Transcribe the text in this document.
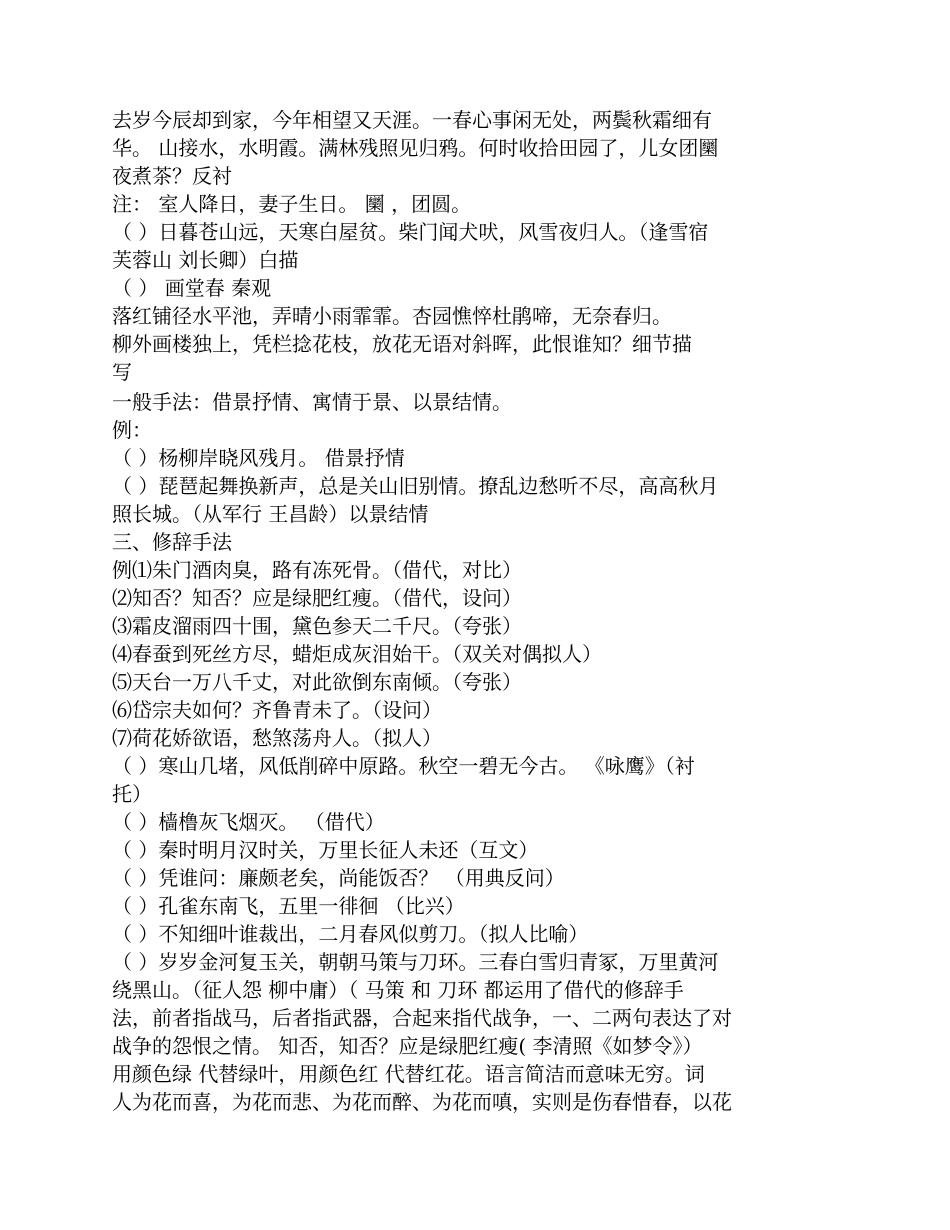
去岁今辰却到家，今年相望又天涯。一春心事闲无处，两鬓秋霜细有
华。 山接水，水明霞。满林残照见归鸦。何时收拾田园了，儿女团圞
夜煮茶？反衬
注： 室人降日，妻子生日。 圞 ，团圆。
（ ）日暮苍山远，天寒白屋贫。柴门闻犬吠，风雪夜归人。（逢雪宿
芙蓉山 刘长卿）白描
（ ） 画堂春 秦观
落红铺径水平池，弄晴小雨霏霏。杏园憔悴杜鹃啼，无奈春归。
柳外画楼独上，凭栏捻花枝，放花无语对斜晖，此恨谁知？细节描
写
一般手法：借景抒情、寓情于景、以景结情。
例：
（ ）杨柳岸晓风残月。 借景抒情
（ ）琵琶起舞换新声，总是关山旧别情。撩乱边愁听不尽，高高秋月
照长城。（从军行 王昌龄）以景结情
三、修辞手法
例⑴朱门酒肉臭，路有冻死骨。（借代，对比）
⑵知否？知否？应是绿肥红瘦。（借代，设问）
⑶霜皮溜雨四十围，黛色参天二千尺。（夸张）
⑷春蚕到死丝方尽，蜡炬成灰泪始干。（双关对偶拟人）
⑸天台一万八千丈，对此欲倒东南倾。（夸张）
⑹岱宗夫如何？齐鲁青未了。（设问）
⑺荷花娇欲语，愁煞荡舟人。（拟人）
（ ）寒山几堵，风低削碎中原路。秋空一碧无今古。 《咏鹰》（衬
托）
（ ）樯橹灰飞烟灭。 （借代）
（ ）秦时明月汉时关，万里长征人未还（互文）
（ ）凭谁问：廉颇老矣，尚能饭否？ （用典反问）
（ ）孔雀东南飞，五里一徘徊 （比兴）
（ ）不知细叶谁裁出，二月春风似剪刀。（拟人比喻）
（ ）岁岁金河复玉关，朝朝马策与刀环。三春白雪归青冢，万里黄河
绕黑山。（征人怨 柳中庸）（ 马策 和 刀环 都运用了借代的修辞手
法，前者指战马，后者指武器，合起来指代战争，一、二两句表达了对
战争的怨恨之情。 知否，知否？应是绿肥红瘦( 李清照《如梦令》）
用颜色绿 代替绿叶，用颜色红 代替红花。语言简洁而意味无穷。词
人为花而喜，为花而悲、为花而醉、为花而嗔，实则是伤春惜春，以花
